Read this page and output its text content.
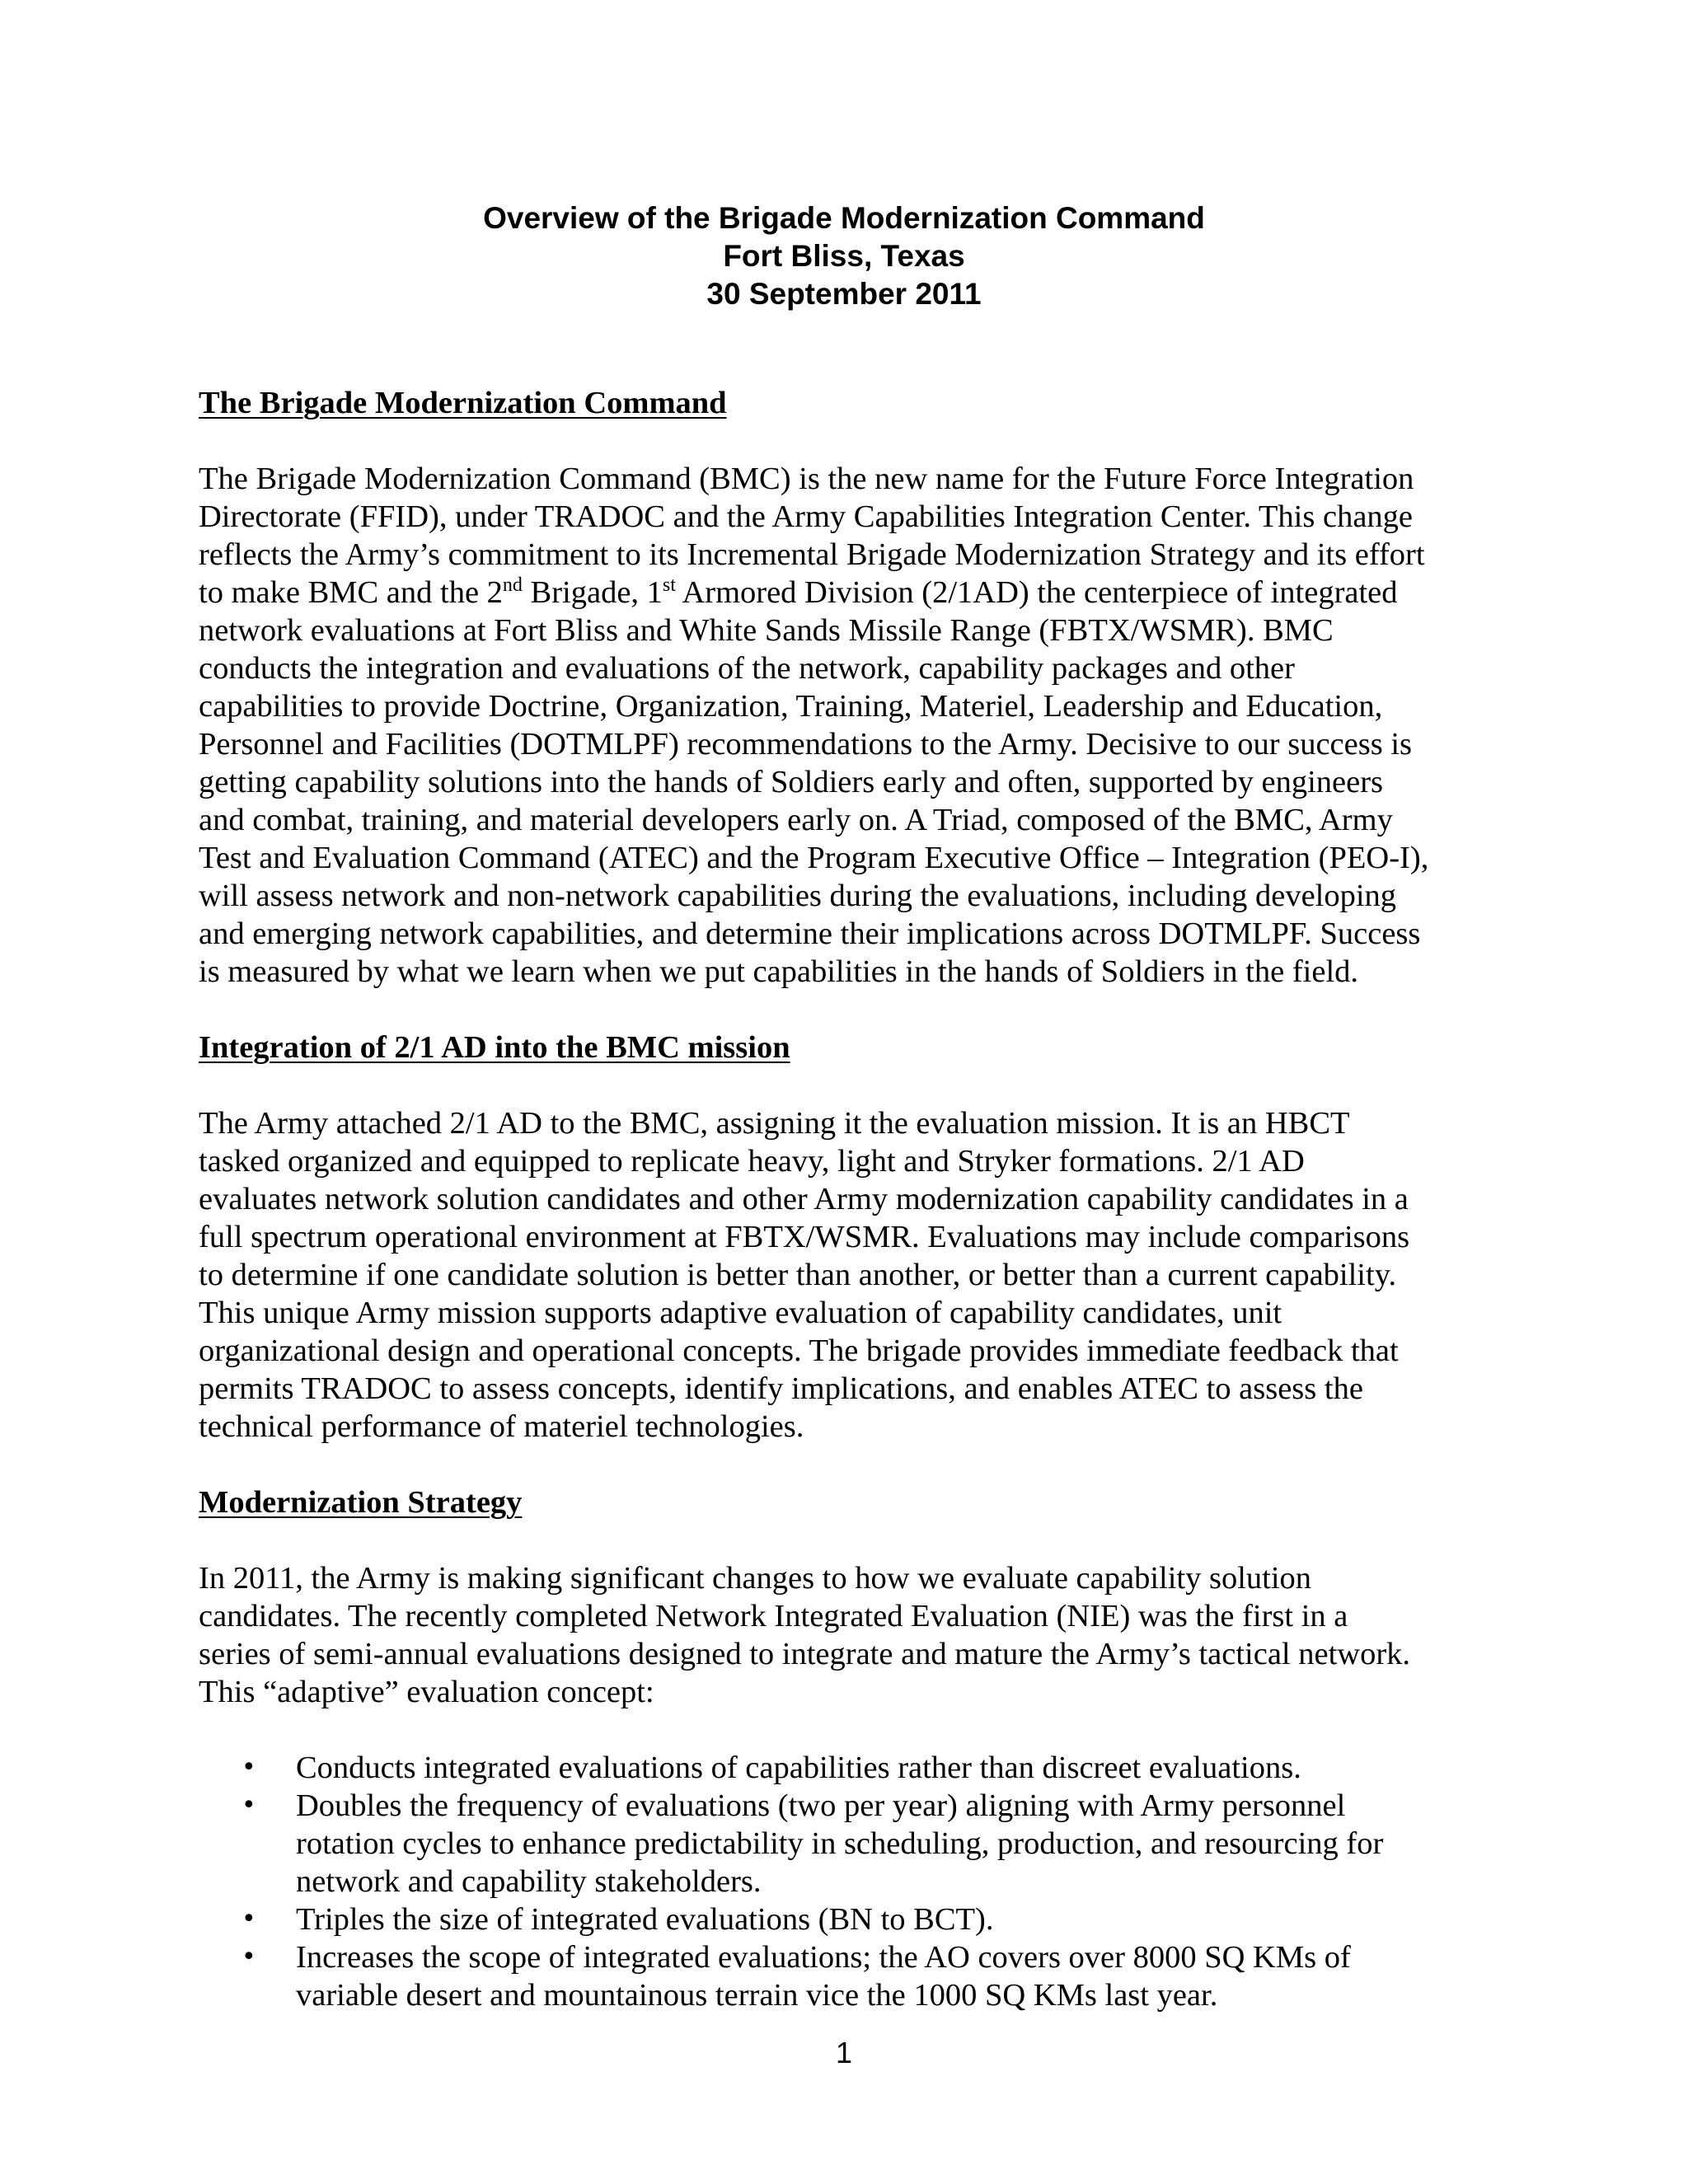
Overview of the Brigade Modernization Command
Fort Bliss, Texas
30 September 2011
The Brigade Modernization Command
The Brigade Modernization Command (BMC) is the new name for the Future Force Integration
Directorate (FFID), under TRADOC and the Army Capabilities Integration Center. This change
reflects the Army’s commitment to its Incremental Brigade Modernization Strategy and its effort
to make BMC and the 2nd Brigade, 1st Armored Division (2/1AD) the centerpiece of integrated
network evaluations at Fort Bliss and White Sands Missile Range (FBTX/WSMR). BMC
conducts the integration and evaluations of the network, capability packages and other
capabilities to provide Doctrine, Organization, Training, Materiel, Leadership and Education,
Personnel and Facilities (DOTMLPF) recommendations to the Army. Decisive to our success is
getting capability solutions into the hands of Soldiers early and often, supported by engineers
and combat, training, and material developers early on. A Triad, composed of the BMC, Army
Test and Evaluation Command (ATEC) and the Program Executive Office – Integration (PEO-I),
will assess network and non-network capabilities during the evaluations, including developing
and emerging network capabilities, and determine their implications across DOTMLPF. Success
is measured by what we learn when we put capabilities in the hands of Soldiers in the field.
Integration of 2/1 AD into the BMC mission
The Army attached 2/1 AD to the BMC, assigning it the evaluation mission. It is an HBCT
tasked organized and equipped to replicate heavy, light and Stryker formations. 2/1 AD
evaluates network solution candidates and other Army modernization capability candidates in a
full spectrum operational environment at FBTX/WSMR. Evaluations may include comparisons
to determine if one candidate solution is better than another, or better than a current capability.
This unique Army mission supports adaptive evaluation of capability candidates, unit
organizational design and operational concepts. The brigade provides immediate feedback that
permits TRADOC to assess concepts, identify implications, and enables ATEC to assess the
technical performance of materiel technologies.
Modernization Strategy
In 2011, the Army is making significant changes to how we evaluate capability solution
candidates. The recently completed Network Integrated Evaluation (NIE) was the first in a
series of semi-annual evaluations designed to integrate and mature the Army’s tactical network.
This “adaptive” evaluation concept:
• Conducts integrated evaluations of capabilities rather than discreet evaluations.
• Doubles the frequency of evaluations (two per year) aligning with Army personnel
rotation cycles to enhance predictability in scheduling, production, and resourcing for
network and capability stakeholders.
• Triples the size of integrated evaluations (BN to BCT).
• Increases the scope of integrated evaluations; the AO covers over 8000 SQ KMs of
variable desert and mountainous terrain vice the 1000 SQ KMs last year.
1
